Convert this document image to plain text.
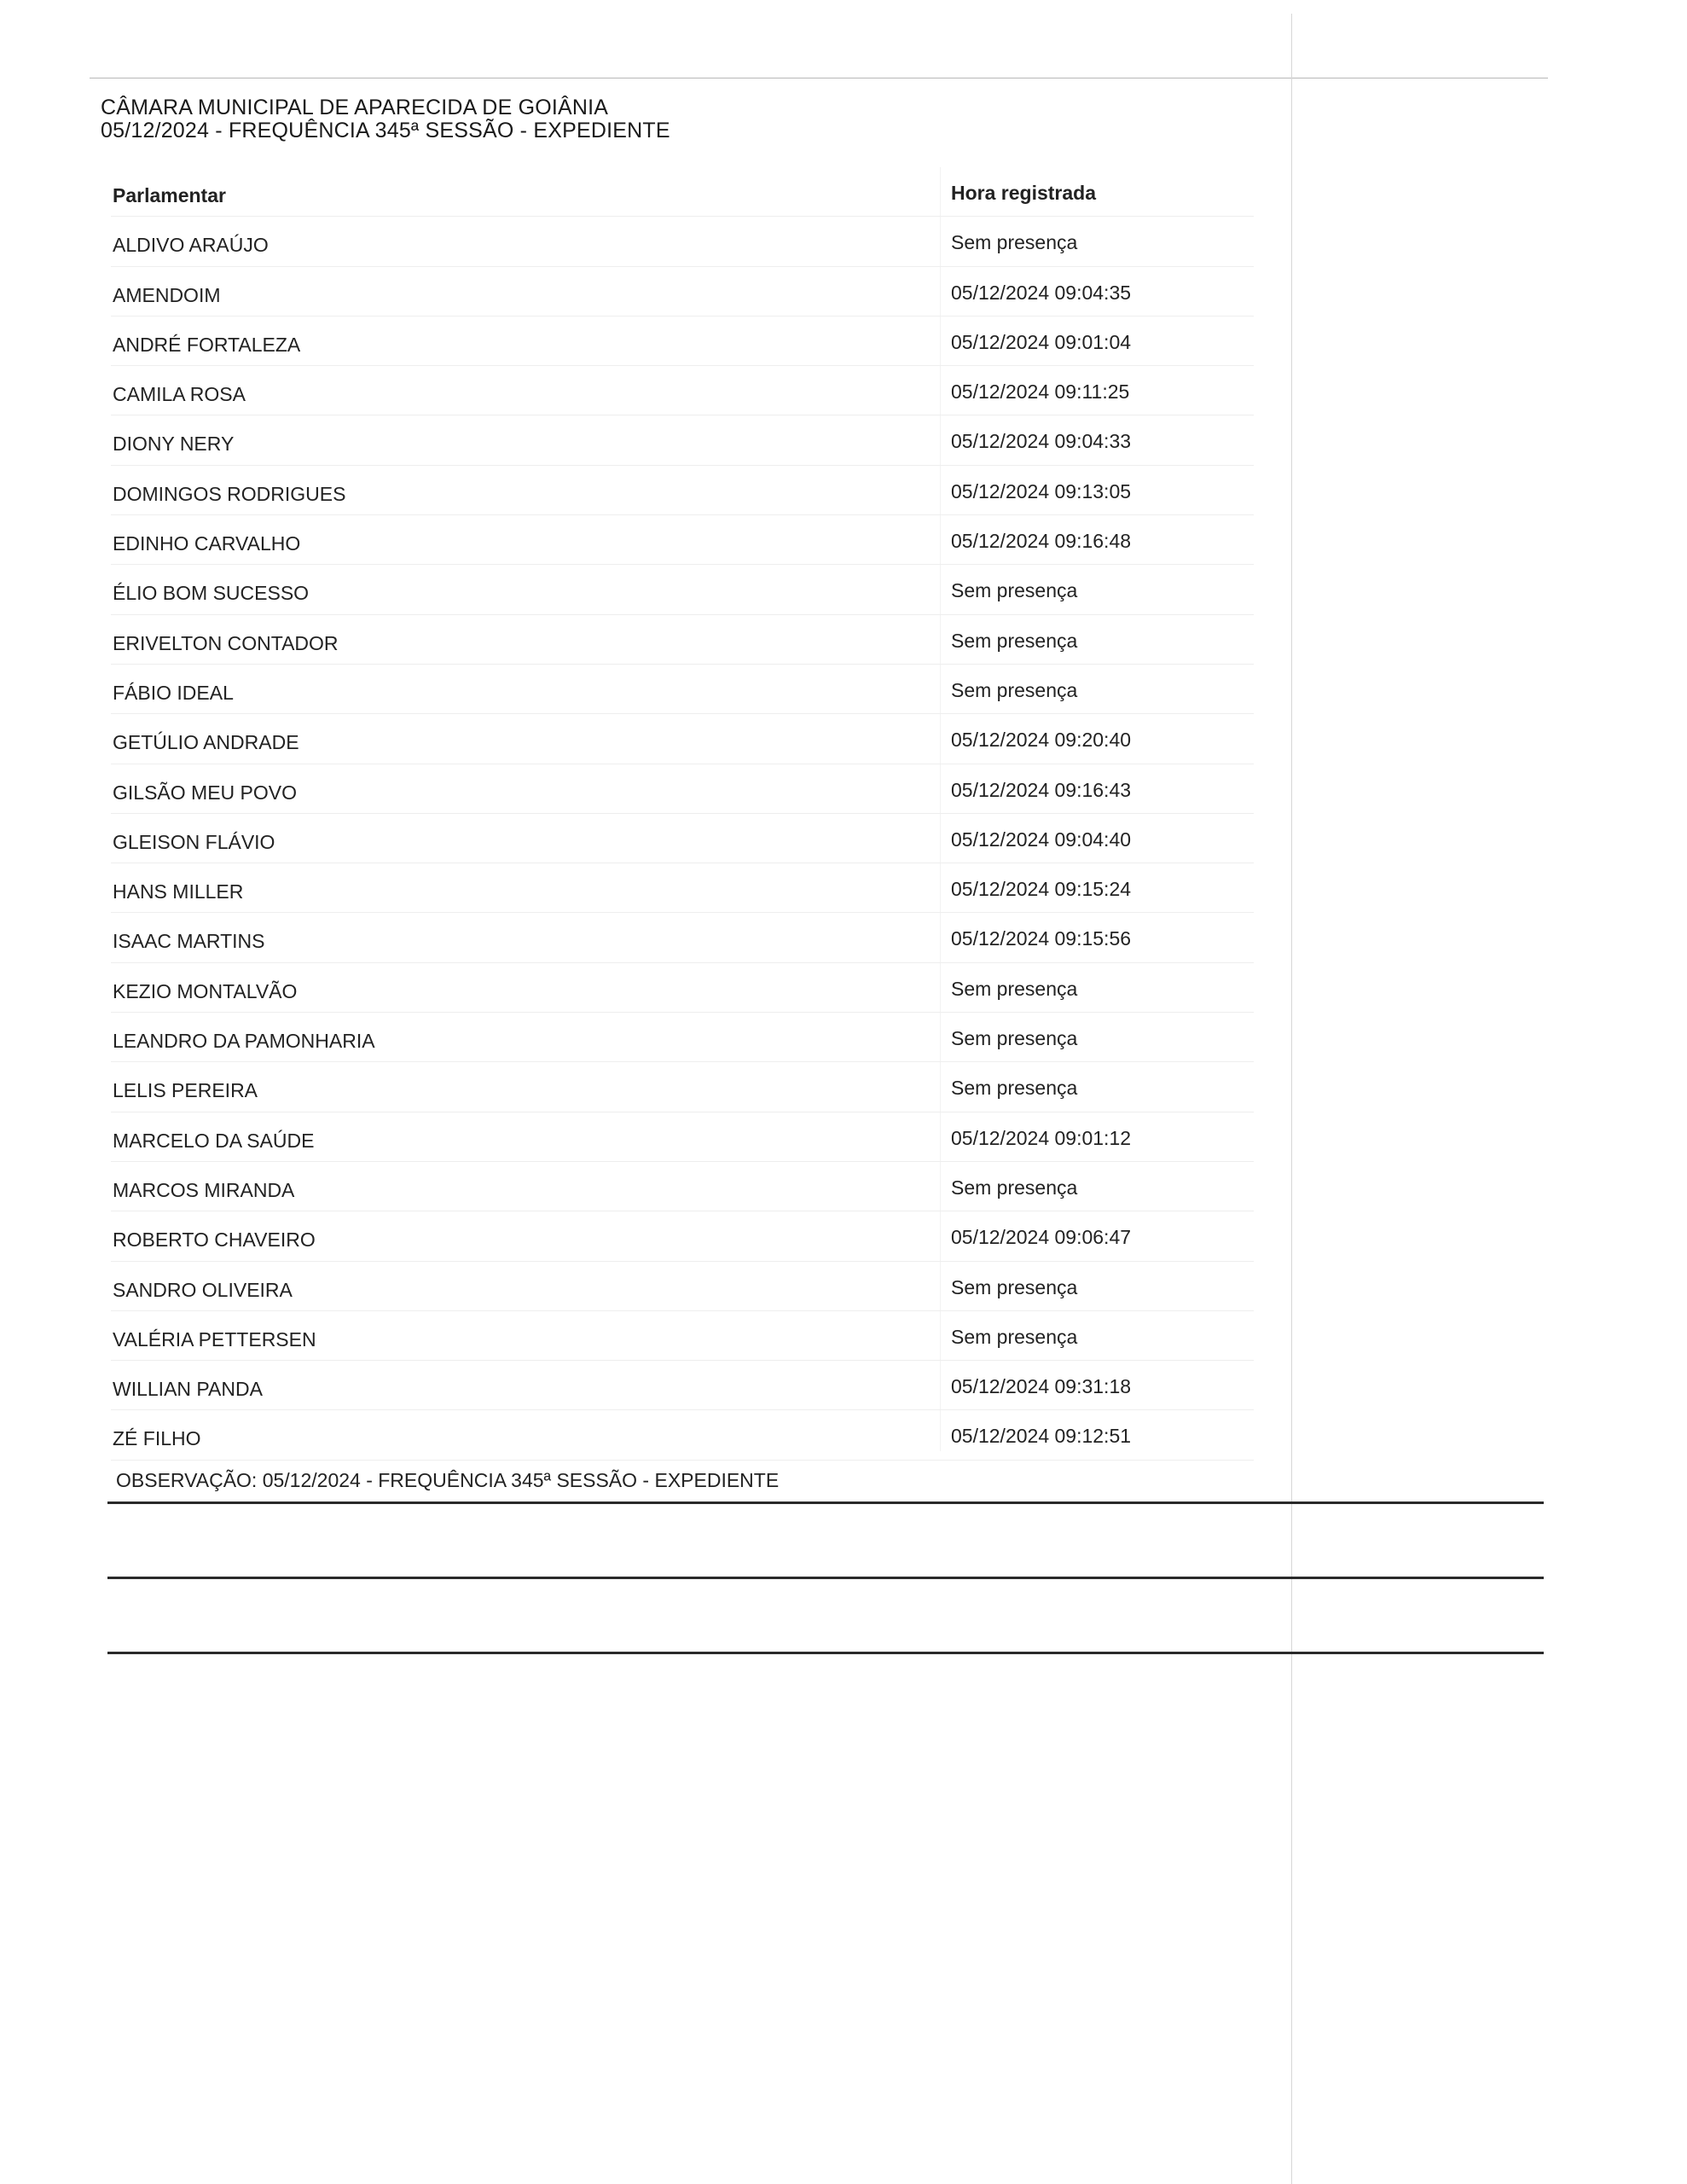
CÂMARA MUNICIPAL DE APARECIDA DE GOIÂNIA
05/12/2024 - FREQUÊNCIA 345ª SESSÃO - EXPEDIENTE
Parlamentar	Hora registrada
ALDIVO ARAÚJO	Sem presença
AMENDOIM	05/12/2024 09:04:35
ANDRÉ FORTALEZA	05/12/2024 09:01:04
CAMILA ROSA	05/12/2024 09:11:25
DIONY NERY	05/12/2024 09:04:33
DOMINGOS RODRIGUES	05/12/2024 09:13:05
EDINHO CARVALHO	05/12/2024 09:16:48
ÉLIO BOM SUCESSO	Sem presença
ERIVELTON CONTADOR	Sem presença
FÁBIO IDEAL	Sem presença
GETÚLIO ANDRADE	05/12/2024 09:20:40
GILSÃO MEU POVO	05/12/2024 09:16:43
GLEISON FLÁVIO	05/12/2024 09:04:40
HANS MILLER	05/12/2024 09:15:24
ISAAC MARTINS	05/12/2024 09:15:56
KEZIO MONTALVÃO	Sem presença
LEANDRO DA PAMONHARIA	Sem presença
LELIS PEREIRA	Sem presença
MARCELO DA SAÚDE	05/12/2024 09:01:12
MARCOS MIRANDA	Sem presença
ROBERTO CHAVEIRO	05/12/2024 09:06:47
SANDRO OLIVEIRA	Sem presença
VALÉRIA PETTERSEN	Sem presença
WILLIAN PANDA	05/12/2024 09:31:18
ZÉ FILHO	05/12/2024 09:12:51
OBSERVAÇÃO: 05/12/2024 - FREQUÊNCIA 345ª SESSÃO - EXPEDIENTE
